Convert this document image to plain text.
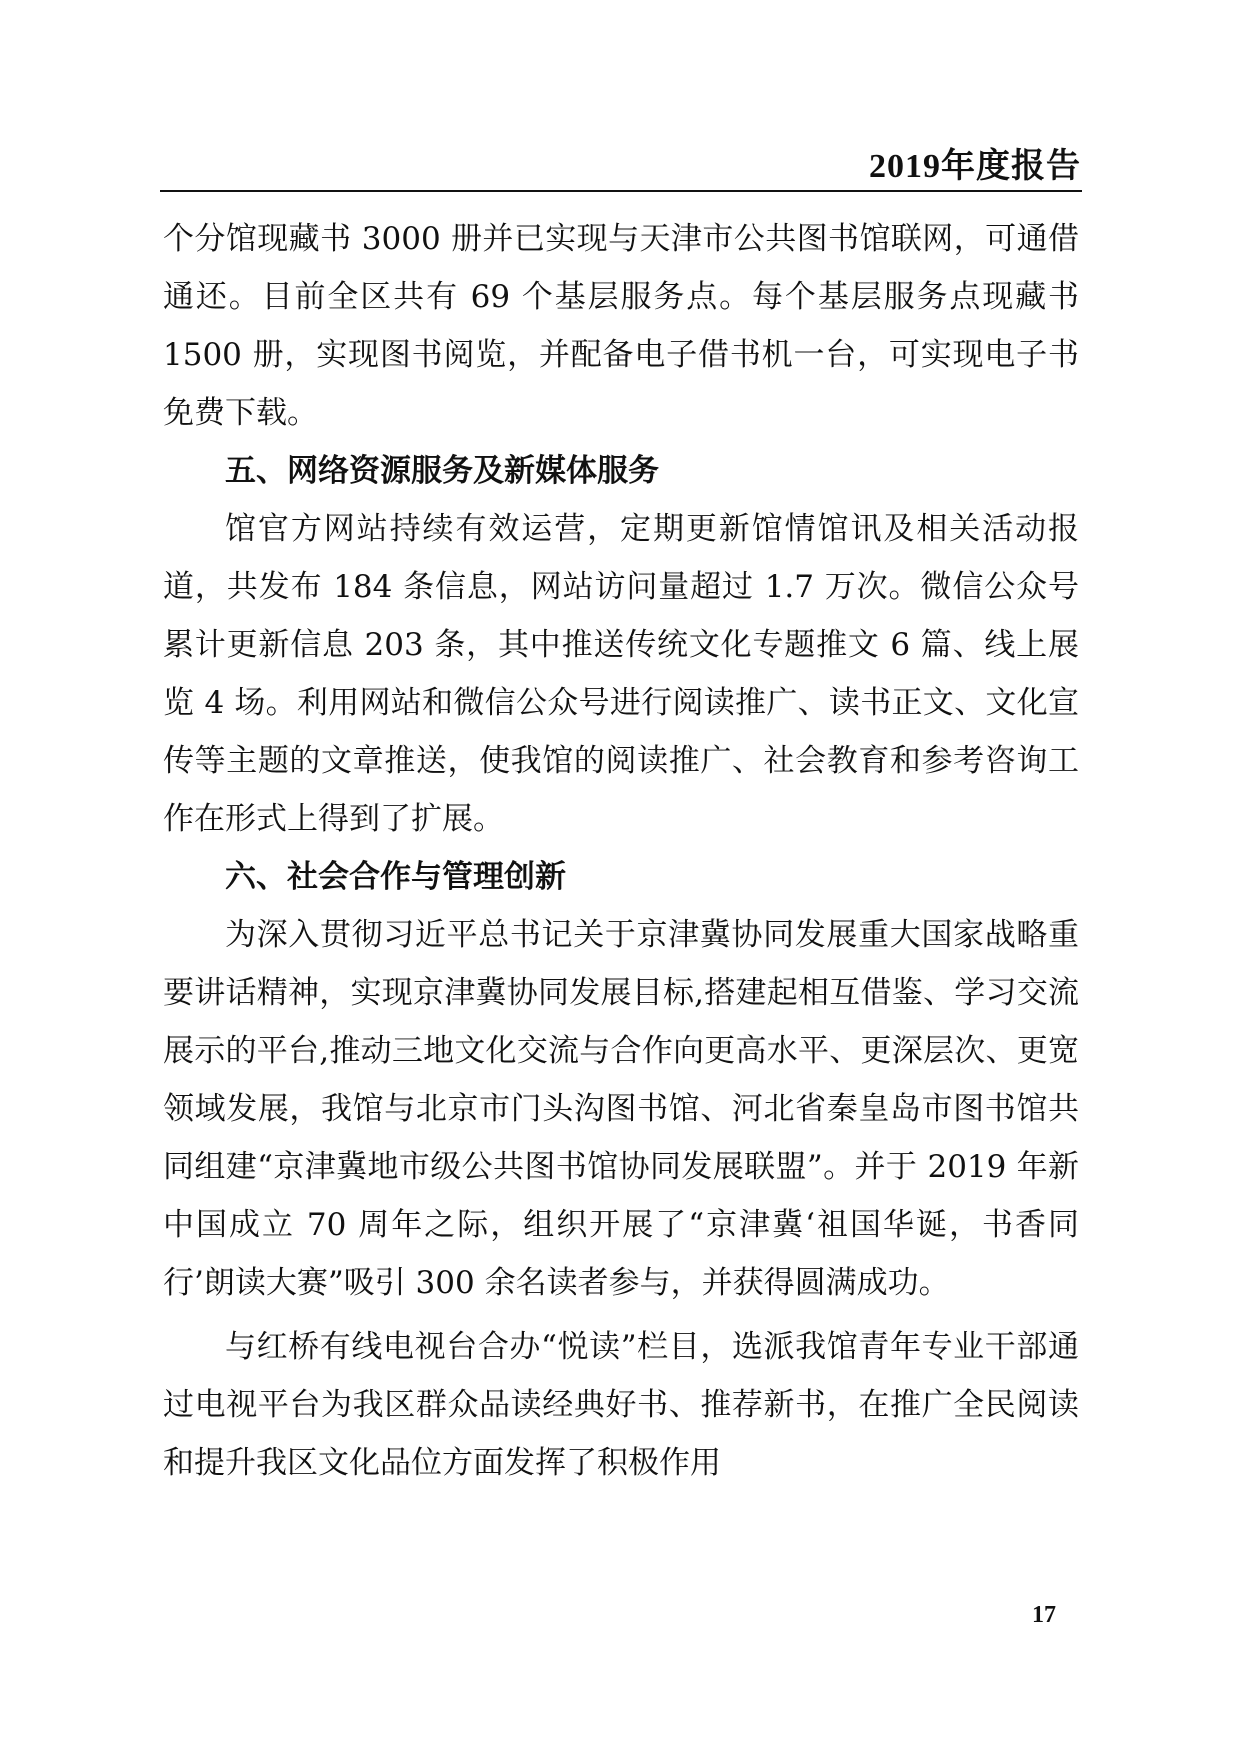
2019年度报告

个分馆现藏书 3000 册并已实现与天津市公共图书馆联网，可通借通还。目前全区共有 69 个基层服务点。每个基层服务点现藏书 1500 册，实现图书阅览，并配备电子借书机一台，可实现电子书免费下载。

五、网络资源服务及新媒体服务

馆官方网站持续有效运营，定期更新馆情馆讯及相关活动报道，共发布 184 条信息，网站访问量超过 1.7 万次。微信公众号累计更新信息 203 条，其中推送传统文化专题推文 6 篇、线上展览 4 场。利用网站和微信公众号进行阅读推广、读书正文、文化宣传等主题的文章推送，使我馆的阅读推广、社会教育和参考咨询工作在形式上得到了扩展。

六、社会合作与管理创新

为深入贯彻习近平总书记关于京津冀协同发展重大国家战略重要讲话精神，实现京津冀协同发展目标,搭建起相互借鉴、学习交流展示的平台,推动三地文化交流与合作向更高水平、更深层次、更宽领域发展，我馆与北京市门头沟图书馆、河北省秦皇岛市图书馆共同组建“京津冀地市级公共图书馆协同发展联盟”。并于 2019 年新中国成立 70 周年之际，组织开展了“京津冀‘祖国华诞，书香同行’朗读大赛”吸引 300 余名读者参与，并获得圆满成功。

与红桥有线电视台合办“悦读”栏目，选派我馆青年专业干部通过电视平台为我区群众品读经典好书、推荐新书，在推广全民阅读和提升我区文化品位方面发挥了积极作用

17
